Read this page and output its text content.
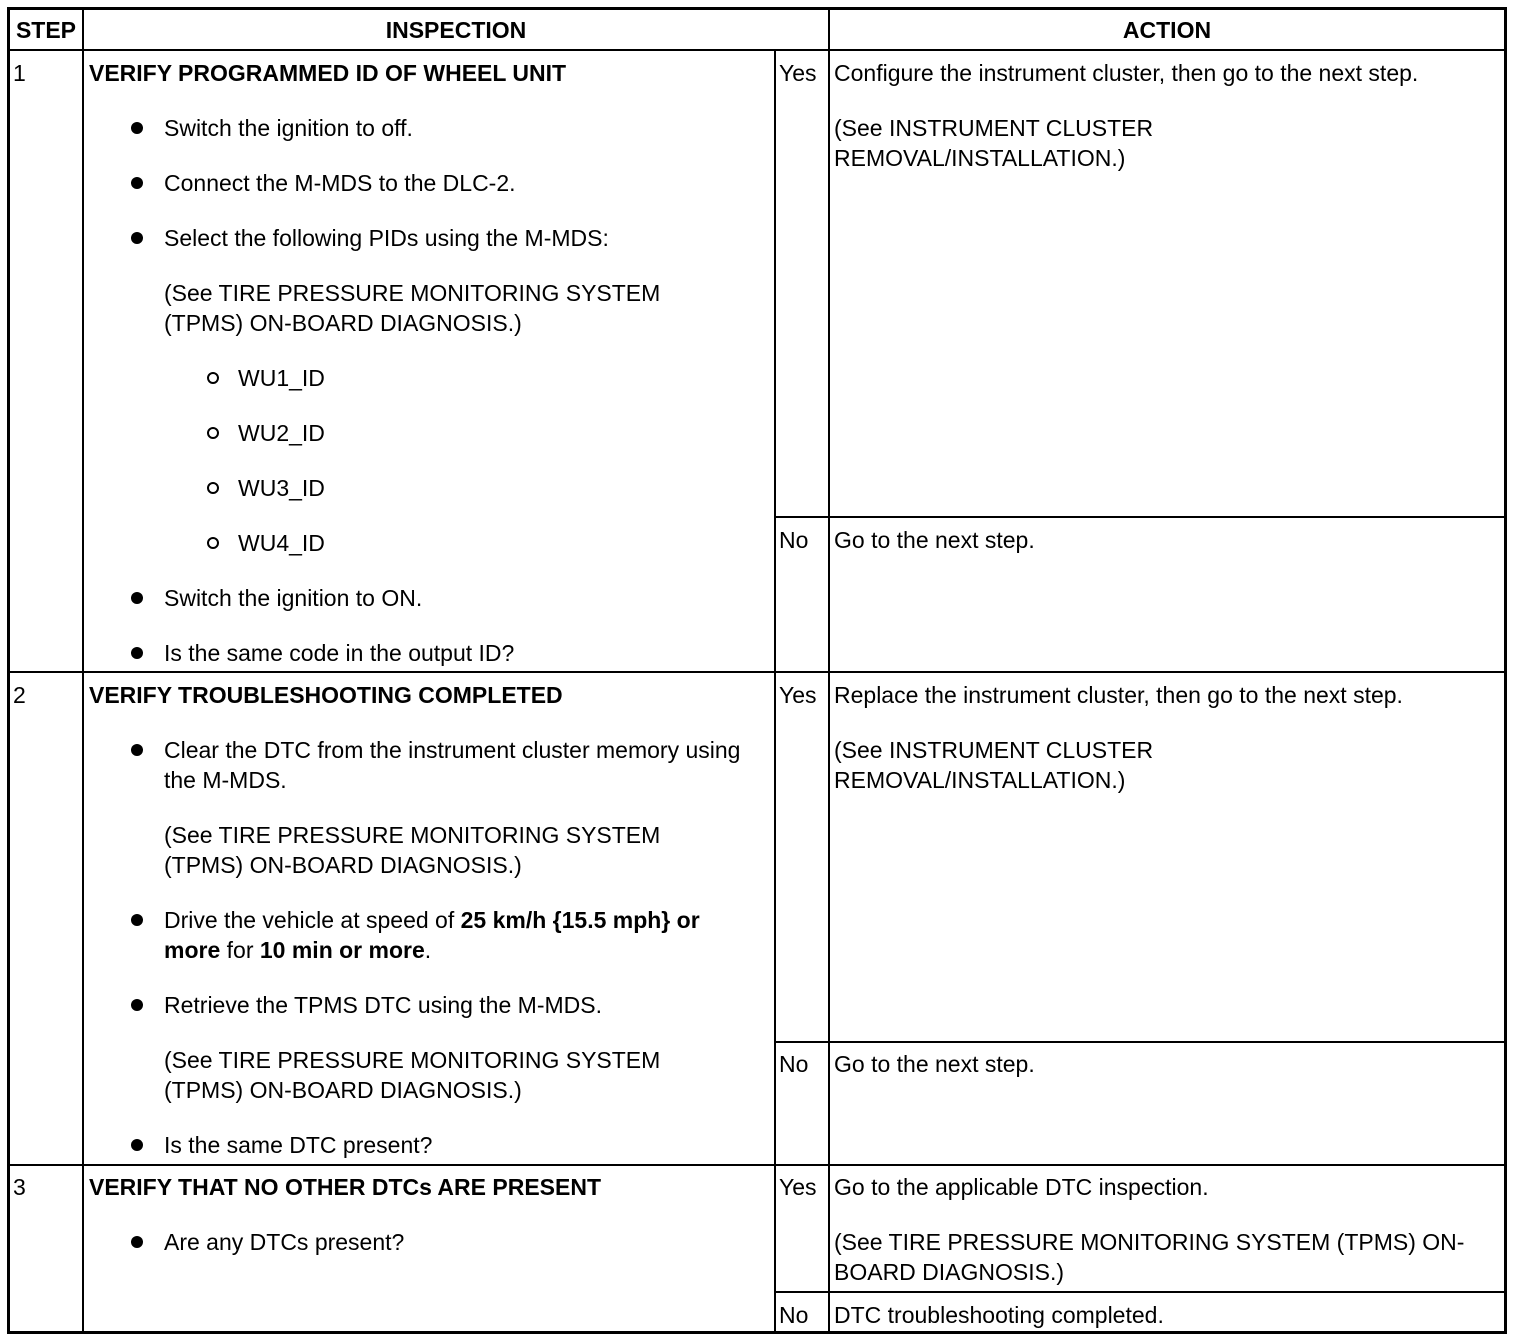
STEP	INSPECTION	ACTION
1	VERIFY PROGRAMMED ID OF WHEEL UNIT
Switch the ignition to off.
Connect the M-MDS to the DLC-2.
Select the following PIDs using the M-MDS:
(See TIRE PRESSURE MONITORING SYSTEM (TPMS) ON-BOARD DIAGNOSIS.)
WU1_ID
WU2_ID
WU3_ID
WU4_ID
Switch the ignition to ON.
Is the same code in the output ID?
Yes Configure the instrument cluster, then go to the next step.
(See INSTRUMENT CLUSTER REMOVAL/INSTALLATION.)
No Go to the next step.
2	VERIFY TROUBLESHOOTING COMPLETED
Clear the DTC from the instrument cluster memory using the M-MDS.
(See TIRE PRESSURE MONITORING SYSTEM (TPMS) ON-BOARD DIAGNOSIS.)
Drive the vehicle at speed of 25 km/h {15.5 mph} or more for 10 min or more.
Retrieve the TPMS DTC using the M-MDS.
(See TIRE PRESSURE MONITORING SYSTEM (TPMS) ON-BOARD DIAGNOSIS.)
Is the same DTC present?
Yes Replace the instrument cluster, then go to the next step.
(See INSTRUMENT CLUSTER REMOVAL/INSTALLATION.)
No Go to the next step.
3	VERIFY THAT NO OTHER DTCs ARE PRESENT
Are any DTCs present?
Yes Go to the applicable DTC inspection.
(See TIRE PRESSURE MONITORING SYSTEM (TPMS) ON-BOARD DIAGNOSIS.)
No DTC troubleshooting completed.
